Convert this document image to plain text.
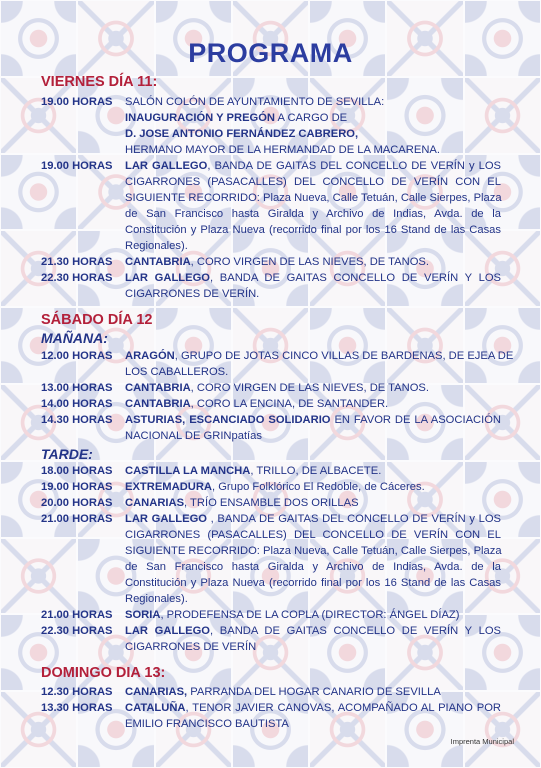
PROGRAMA
VIERNES DÍA 11:
19.00 HORAS SALÓN COLÓN DE AYUNTAMIENTO DE SEVILLA:
INAUGURACIÓN Y PREGÓN A CARGO DE
D. JOSE ANTONIO FERNÁNDEZ CABRERO,
HERMANO MAYOR DE LA HERMANDAD DE LA MACARENA.
19.00 HORAS LAR GALLEGO, BANDA DE GAITAS DEL CONCELLO DE VERÍN y LOS
CIGARRONES (PASACALLES) DEL CONCELLO DE VERÍN CON EL
SIGUIENTE RECORRIDO: Plaza Nueva, Calle Tetuán, Calle Sierpes, Plaza
de San Francisco hasta Giralda y Archivo de Indias, Avda. de la
Constitución y Plaza Nueva (recorrido final por los 16 Stand de las Casas
Regionales).
21.30 HORAS CANTABRIA, CORO VIRGEN DE LAS NIEVES, DE TANOS.
22.30 HORAS LAR GALLEGO, BANDA DE GAITAS CONCELLO DE VERÍN Y LOS
CIGARRONES DE VERÍN.
SÁBADO DÍA 12
MAÑANA:
12.00 HORAS ARAGÓN, GRUPO DE JOTAS CINCO VILLAS DE BARDENAS, DE EJEA DE
LOS CABALLEROS.
13.00 HORAS CANTABRIA, CORO VIRGEN DE LAS NIEVES, DE TANOS.
14.00 HORAS CANTABRIA, CORO LA ENCINA, DE SANTANDER.
14.30 HORAS ASTURIAS, ESCANCIADO SOLIDARIO EN FAVOR DE LA ASOCIACIÓN
NACIONAL DE GRINpatías
TARDE:
18.00 HORAS CASTILLA LA MANCHA, TRILLO, DE ALBACETE.
19.00 HORAS EXTREMADURA, Grupo Folklórico El Redoble, de Cáceres.
20.00 HORAS CANARIAS, TRÍO ENSAMBLE DOS ORILLAS
21.00 HORAS LAR GALLEGO , BANDA DE GAITAS DEL CONCELLO DE VERÍN y LOS
CIGARRONES (PASACALLES) DEL CONCELLO DE VERÍN CON EL
SIGUIENTE RECORRIDO: Plaza Nueva, Calle Tetuán, Calle Sierpes, Plaza
de San Francisco hasta Giralda y Archivo de Indias, Avda. de la
Constitución y Plaza Nueva (recorrido final por los 16 Stand de las Casas
Regionales).
21.00 HORAS SORIA, PRODEFENSA DE LA COPLA (DIRECTOR: ÁNGEL DÍAZ)
22.30 HORAS LAR GALLEGO, BANDA DE GAITAS CONCELLO DE VERÍN Y LOS
CIGARRONES DE VERÍN
DOMINGO DIA 13:
12.30 HORAS CANARIAS, PARRANDA DEL HOGAR CANARIO DE SEVILLA
13.30 HORAS CATALUÑA, TENOR JAVIER CANOVAS, ACOMPAÑADO AL PIANO POR
EMILIO FRANCISCO BAUTISTA
Imprenta Municipal
